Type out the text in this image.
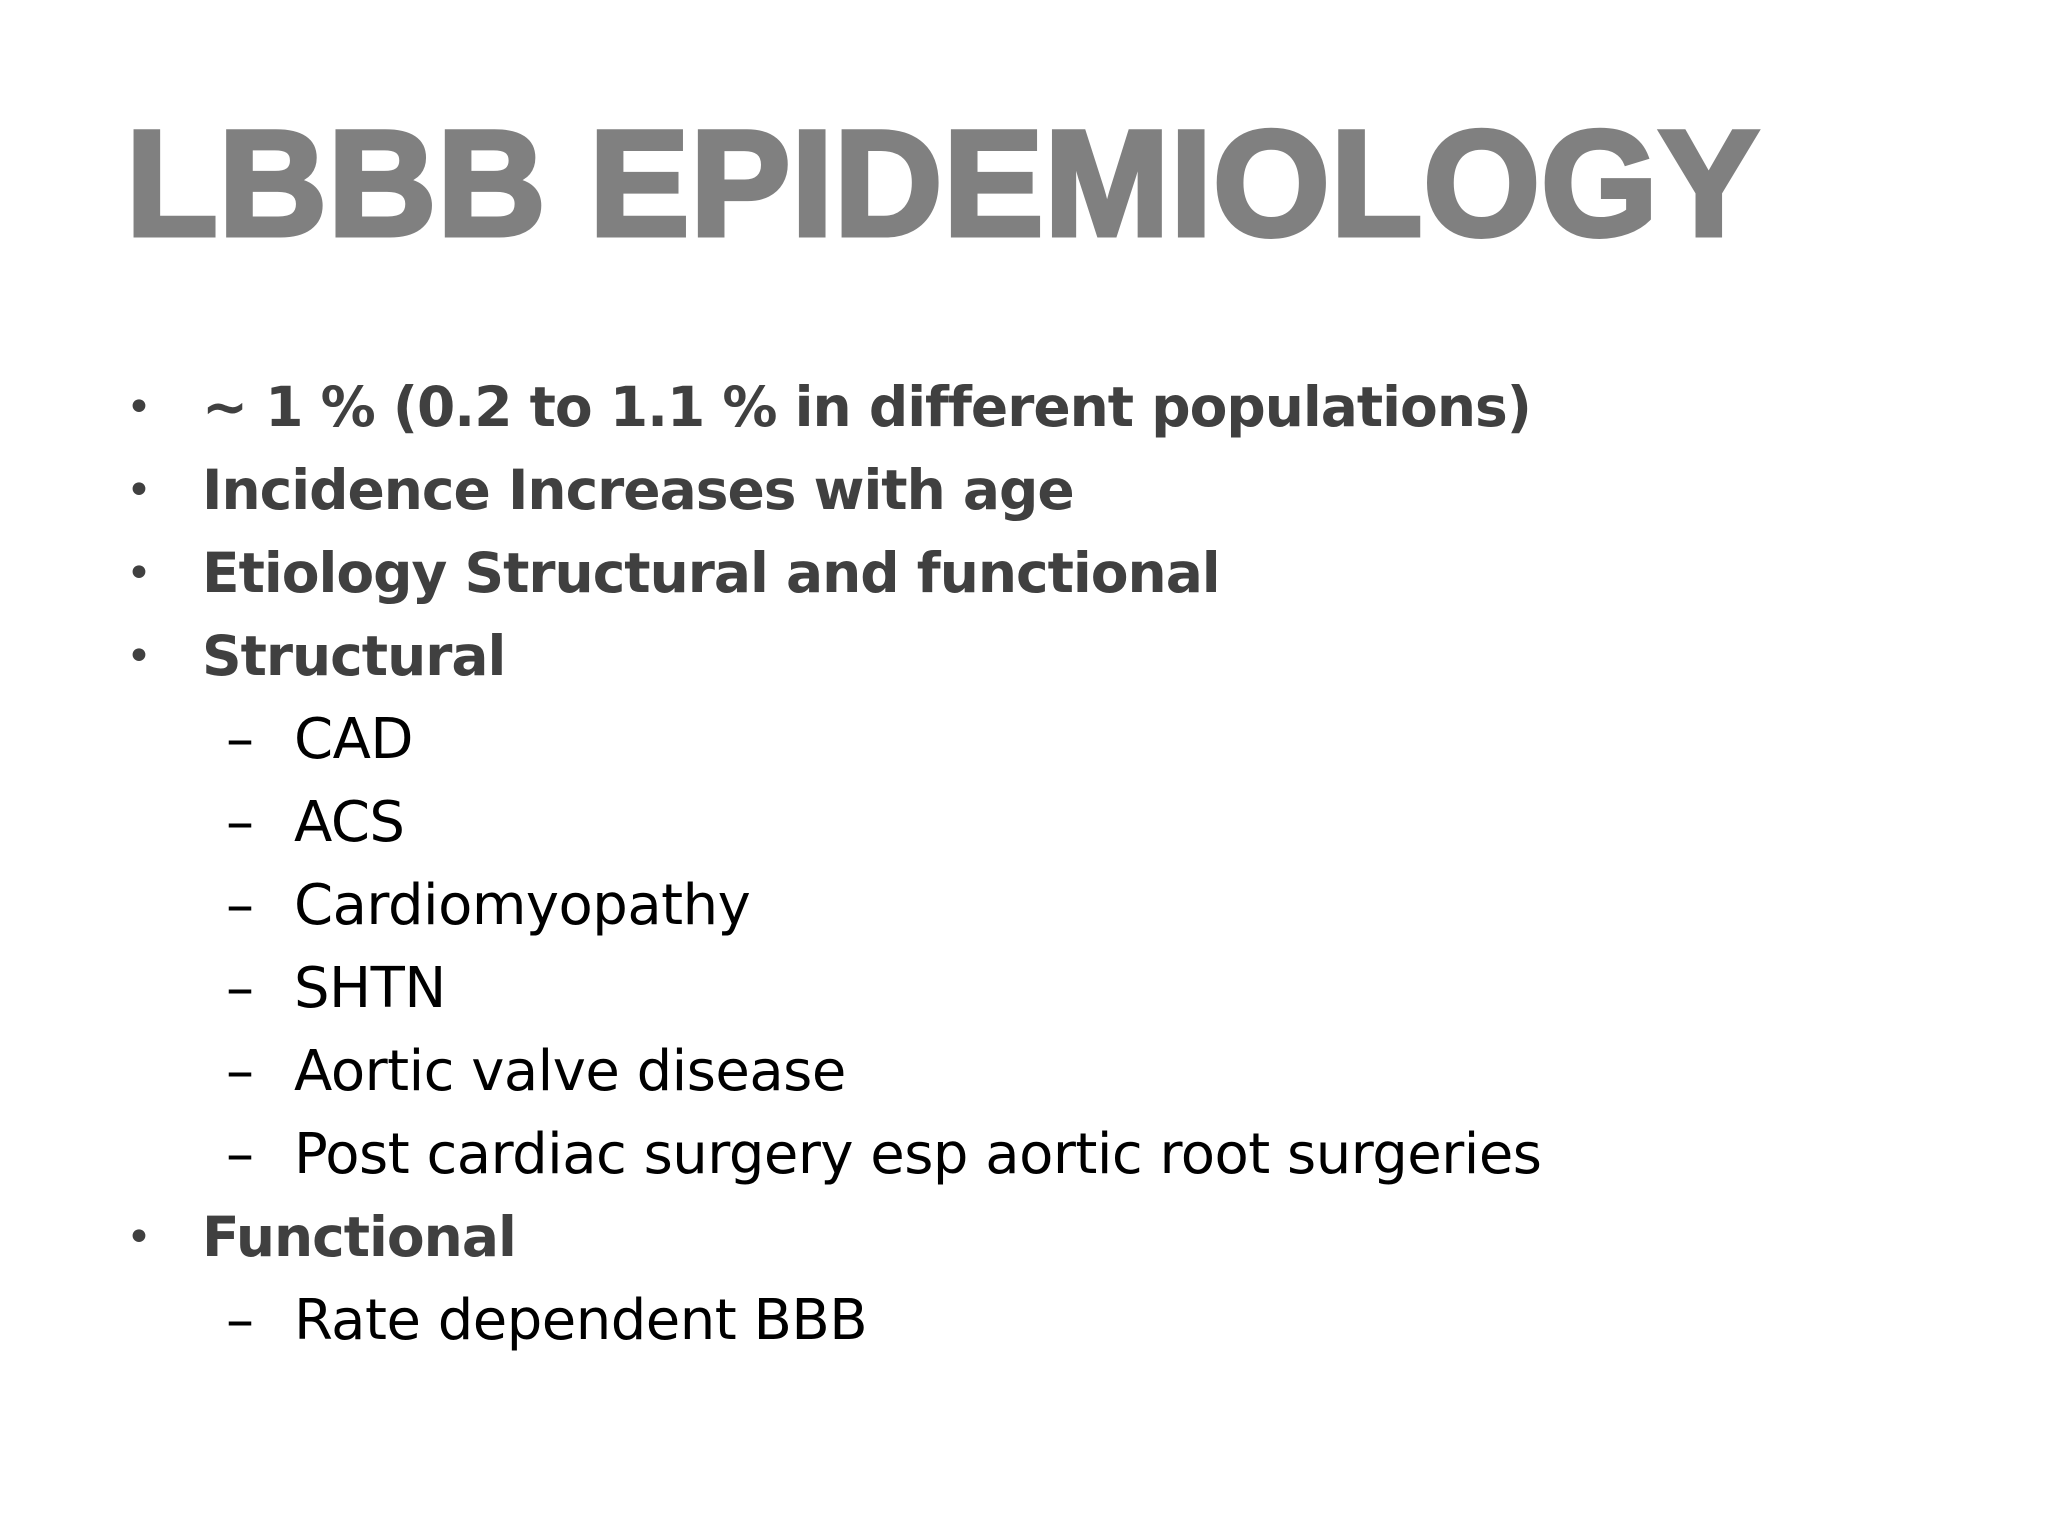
LBBB EPIDEMIOLOGY
• ~ 1 % (0.2 to 1.1 % in different populations)
• Incidence Increases with age
• Etiology Structural and functional
• Structural
– CAD
– ACS
– Cardiomyopathy
– SHTN
– Aortic valve disease
– Post cardiac surgery esp aortic root surgeries
• Functional
– Rate dependent BBB
